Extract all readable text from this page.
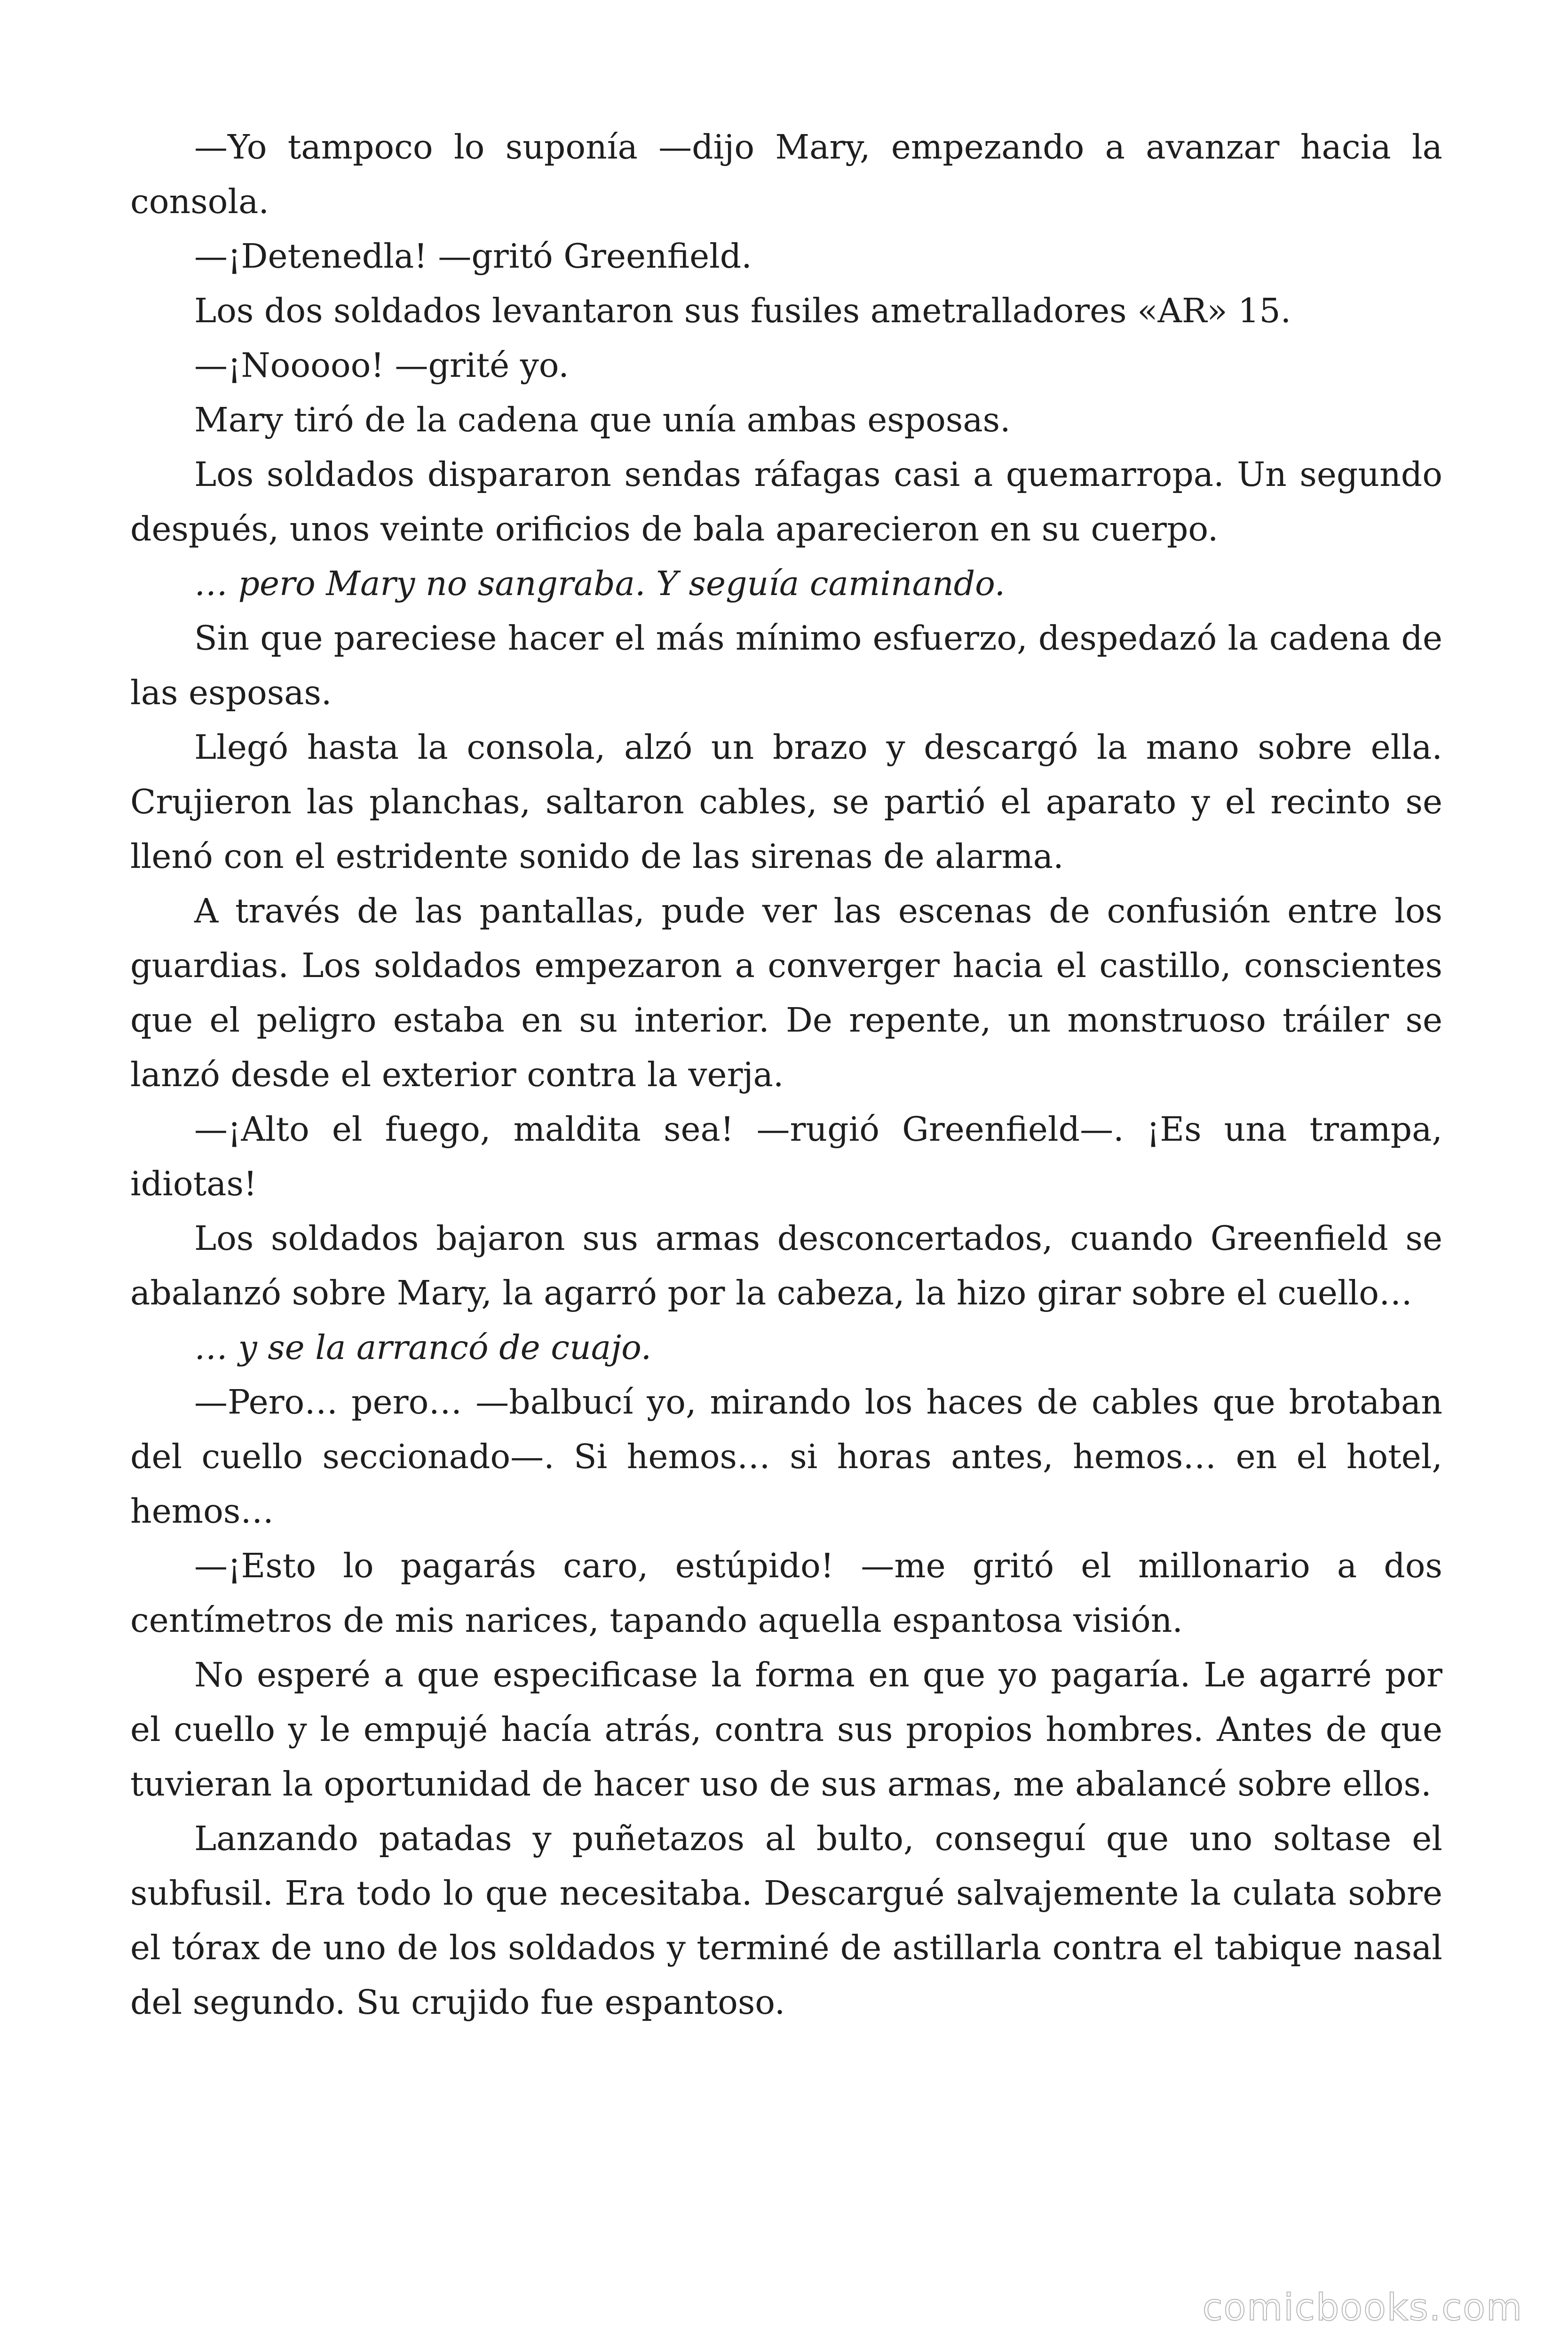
—Yo tampoco lo suponía —dijo Mary, empezando a avanzar hacia la consola.

—¡Detenedla! —gritó Greenfield.

Los dos soldados levantaron sus fusiles ametralladores «AR» 15.

—¡Nooooo! —grité yo.

Mary tiró de la cadena que unía ambas esposas.

Los soldados dispararon sendas ráfagas casi a quemarropa. Un segundo después, unos veinte orificios de bala aparecieron en su cuerpo.

… pero Mary no sangraba. Y seguía caminando.

Sin que pareciese hacer el más mínimo esfuerzo, despedazó la cadena de las esposas.

Llegó hasta la consola, alzó un brazo y descargó la mano sobre ella. Crujieron las planchas, saltaron cables, se partió el aparato y el recinto se llenó con el estridente sonido de las sirenas de alarma.

A través de las pantallas, pude ver las escenas de confusión entre los guardias. Los soldados empezaron a converger hacia el castillo, conscientes que el peligro estaba en su interior. De repente, un monstruoso tráiler se lanzó desde el exterior contra la verja.

—¡Alto el fuego, maldita sea! —rugió Greenfield—. ¡Es una trampa, idiotas!

Los soldados bajaron sus armas desconcertados, cuando Greenfield se abalanzó sobre Mary, la agarró por la cabeza, la hizo girar sobre el cuello…

… y se la arrancó de cuajo.

—Pero… pero… —balbucí yo, mirando los haces de cables que brotaban del cuello seccionado—. Si hemos… si horas antes, hemos… en el hotel, hemos…

—¡Esto lo pagarás caro, estúpido! —me gritó el millonario a dos centímetros de mis narices, tapando aquella espantosa visión.

No esperé a que especificase la forma en que yo pagaría. Le agarré por el cuello y le empujé hacía atrás, contra sus propios hombres. Antes de que tuvieran la oportunidad de hacer uso de sus armas, me abalancé sobre ellos.

Lanzando patadas y puñetazos al bulto, conseguí que uno soltase el subfusil. Era todo lo que necesitaba. Descargué salvajemente la culata sobre el tórax de uno de los soldados y terminé de astillarla contra el tabique nasal del segundo. Su crujido fue espantoso.

comicbooks.com
